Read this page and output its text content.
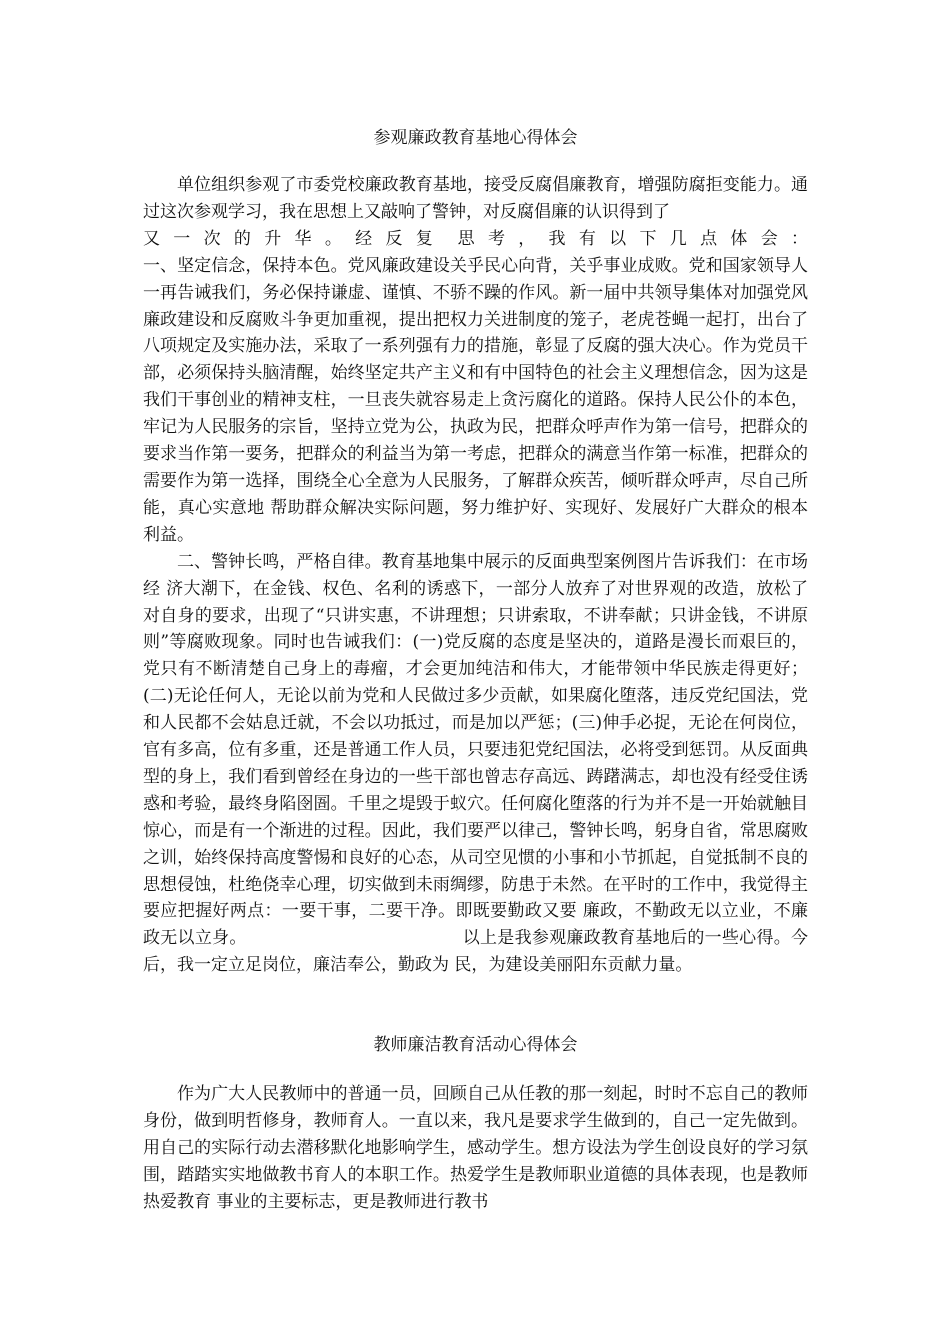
参观廉政教育基地心得体会

单位组织参观了市委党校廉政教育基地，接受反腐倡廉教育，增强防腐拒变能力。通过这次参观学习，我在思想上又敲响了警钟，对反腐倡廉的认识得到了

又 一 次 的 升 华 。 经 反 复　思 考 ， 我 有 以 下 几 点 体 会 ：

一、坚定信念，保持本色。党风廉政建设关乎民心向背，关乎事业成败。党和国家领导人一再告诫我们，务必保持谦虚、谨慎、不骄不躁的作风。新一届中共领导集体对加强党风廉政建设和反腐败斗争更加重视，提出把权力关进制度的笼子，老虎苍蝇一起打，出台了八项规定及实施办法，采取了一系列强有力的措施，彰显了反腐的强大决心。作为党员干部，必须保持头脑清醒，始终坚定共产主义和有中国特色的社会主义理想信念，因为这是我们干事创业的精神支柱，一旦丧失就容易走上贪污腐化的道路。保持人民公仆的本色，牢记为人民服务的宗旨，坚持立党为公，执政为民，把群众呼声作为第一信号，把群众的要求当作第一要务，把群众的利益当为第一考虑，把群众的满意当作第一标准，把群众的需要作为第一选择，围绕全心全意为人民服务，了解群众疾苦，倾听群众呼声，尽自己所能，真心实意地 帮助群众解决实际问题，努力维护好、实现好、发展好广大群众的根本利益。

二、警钟长鸣，严格自律。教育基地集中展示的反面典型案例图片告诉我们：在市场经 济大潮下，在金钱、权色、名利的诱惑下，一部分人放弃了对世界观的改造，放松了对自身的要求，出现了“只讲实惠，不讲理想；只讲索取，不讲奉献；只讲金钱，不讲原则”等腐败现象。同时也告诫我们：(一)党反腐的态度是坚决的，道路是漫长而艰巨的，党只有不断清楚自己身上的毒瘤，才会更加纯洁和伟大，才能带领中华民族走得更好；(二)无论任何人，无论以前为党和人民做过多少贡献，如果腐化堕落，违反党纪国法，党和人民都不会姑息迁就，不会以功抵过，而是加以严惩；(三)伸手必捉，无论在何岗位，官有多高，位有多重，还是普通工作人员，只要违犯党纪国法，必将受到惩罚。从反面典型的身上，我们看到曾经在身边的一些干部也曾志存高远、踌躇满志，却也没有经受住诱惑和考验，最终身陷囹圄。千里之堤毁于蚁穴。任何腐化堕落的行为并不是一开始就触目惊心，而是有一个渐进的过程。因此，我们要严以律己，警钟长鸣，躬身自省，常思腐败之训，始终保持高度警惕和良好的心态，从司空见惯的小事和小节抓起，自觉抵制不良的思想侵蚀，杜绝侥幸心理，切实做到未雨绸缪，防患于未然。在平时的工作中，我觉得主要应把握好两点：一要干事，二要干净。即既要勤政又要 廉政，不勤政无以立业，不廉政无以立身。　　　　　　　　　　　　　以上是我参观廉政教育基地后的一些心得。今后，我一定立足岗位，廉洁奉公，勤政为 民，为建设美丽阳东贡献力量。

教师廉洁教育活动心得体会

作为广大人民教师中的普通一员，回顾自己从任教的那一刻起，时时不忘自己的教师身份，做到明哲修身，教师育人。一直以来，我凡是要求学生做到的，自己一定先做到。用自己的实际行动去潜移默化地影响学生，感动学生。想方设法为学生创设良好的学习氛围，踏踏实实地做教书育人的本职工作。热爱学生是教师职业道德的具体表现，也是教师热爱教育 事业的主要标志，更是教师进行教书
